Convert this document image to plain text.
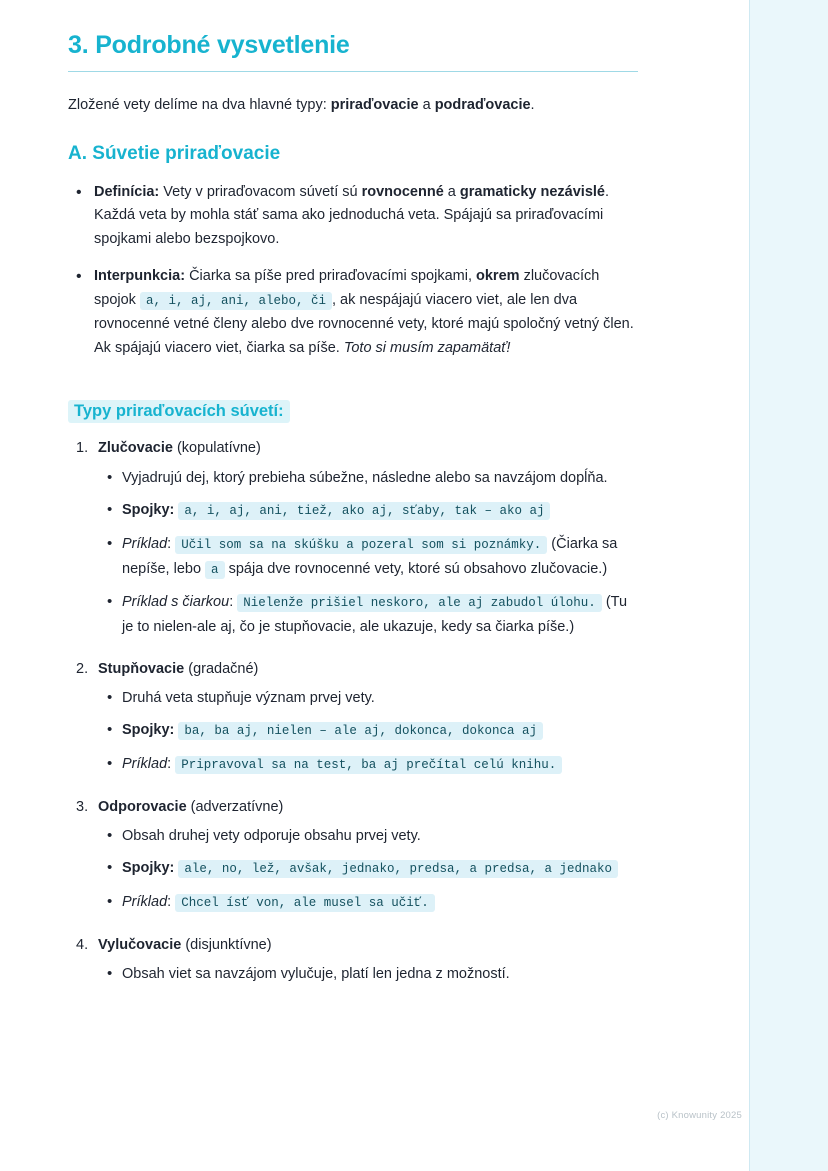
3. Podrobné vysvetlenie

Zložené vety delíme na dva hlavné typy: priraďovacie a podraďovacie.

A. Súvetie priraďovacie
• Definícia: Vety v priraďovacom súvetí sú rovnocenné a gramaticky nezávislé. Každá veta by mohla stáť sama ako jednoduchá veta. Spájajú sa priraďovacími spojkami alebo bezspojkovo.
• Interpunkcia: Čiarka sa píše pred priraďovacími spojkami, okrem zlučovacích spojok a, i, aj, ani, alebo, či , ak nespájajú viacero viet, ale len dva rovnocenné vetné členy alebo dve rovnocenné vety, ktoré majú spoločný vetný člen. Ak spájajú viacero viet, čiarka sa píše. Toto si musím zapamätať!
Typy priraďovacích súvetí:
Zlučovacie (kopulatívne)
• Vyjadrujú dej, ktorý prebieha súbežne, následne alebo sa navzájom dopĺňa.
• Spojky: a, i, aj, ani, tiež, ako aj, sťaby, tak – ako aj
• Príklad: Učil som sa na skúšku a pozeral som si poznámky. (Čiarka sa nepíše, lebo a spája dve rovnocenné vety, ktoré sú obsahovo zlučovacie.)
• Príklad s čiarkou: Nielenže prišiel neskoro, ale aj zabudol úlohu. (Tu je to nielen-ale aj, čo je stupňovacie, ale ukazuje, kedy sa čiarka píše.)
Stupňovacie (gradačné)
• Druhá veta stupňuje význam prvej vety.
• Spojky: ba, ba aj, nielen – ale aj, dokonca, dokonca aj
• Príklad: Pripravoval sa na test, ba aj prečítal celú knihu.
Odporovacie (adverzatívne)
• Obsah druhej vety odporuje obsahu prvej vety.
• Spojky: ale, no, lež, avšak, jednako, predsa, a predsa, a jednako
• Príklad: Chcel ísť von, ale musel sa učiť.
Vylučovacie (disjunktívne)
• Obsah viet sa navzájom vylučuje, platí len jedna z možností.
(c) Knowunity 2025
